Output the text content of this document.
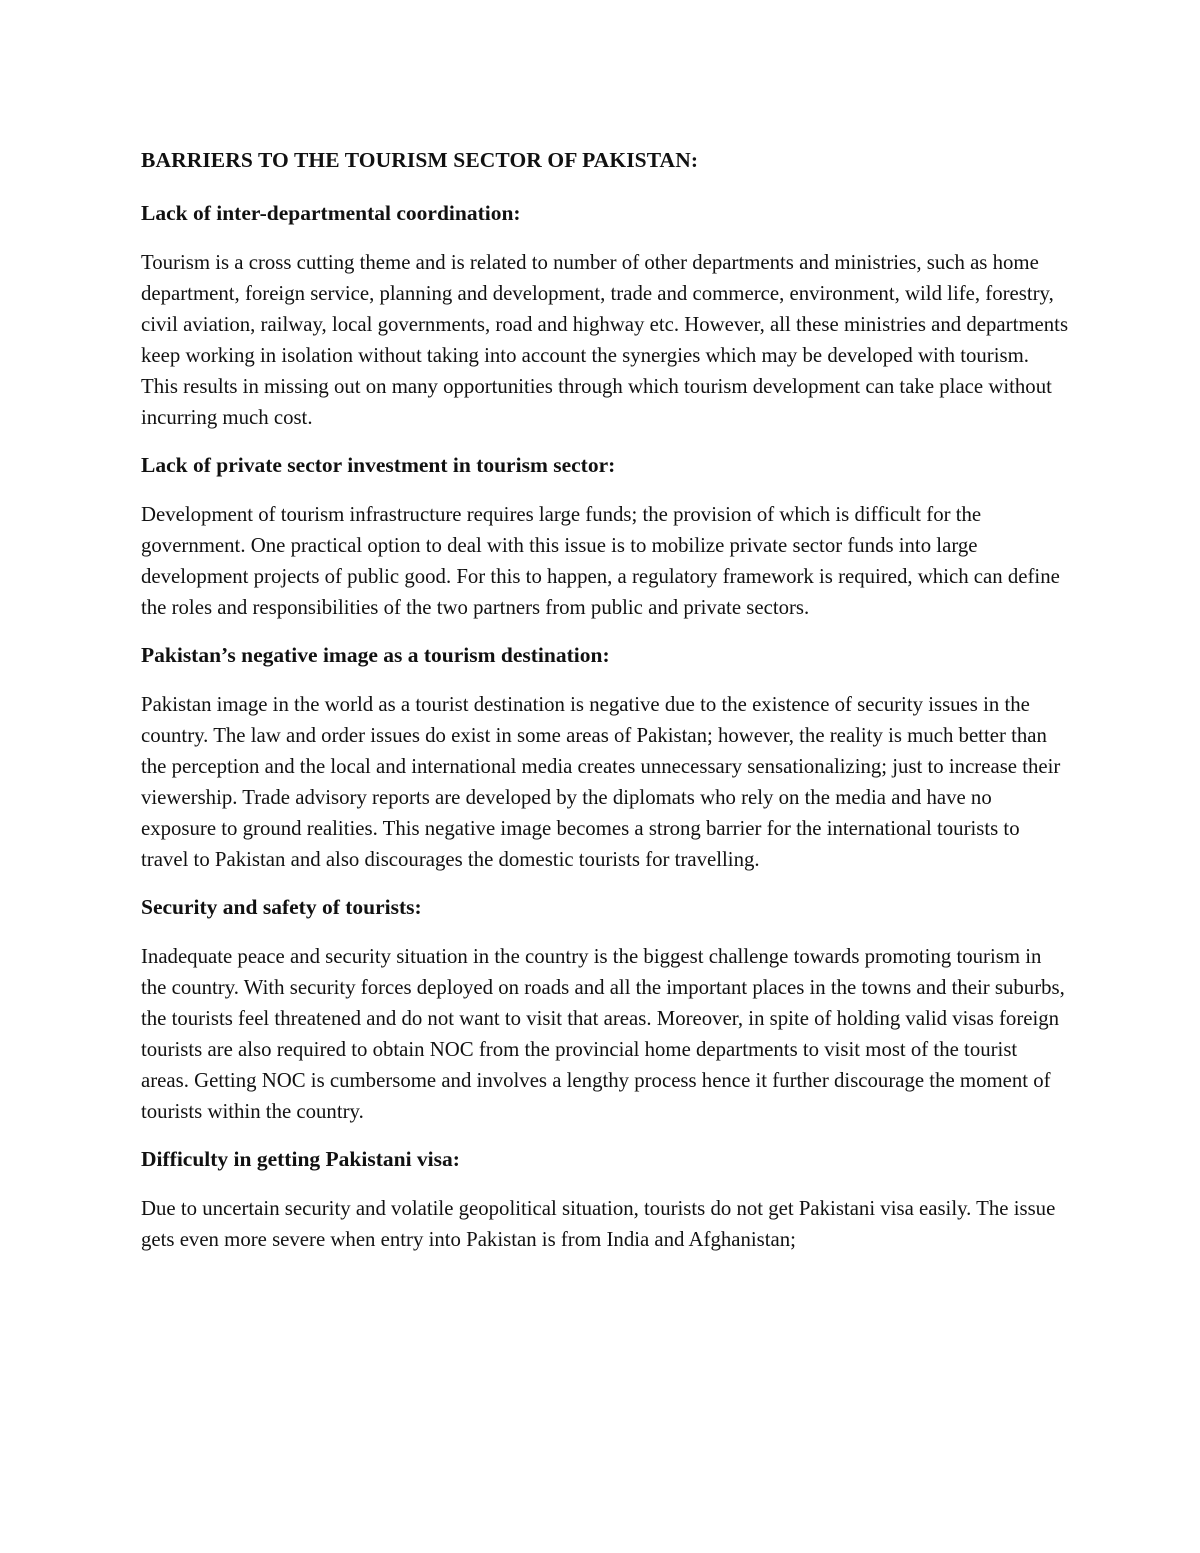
BARRIERS TO THE TOURISM SECTOR OF PAKISTAN:
Lack of inter-departmental coordination:

Tourism is a cross cutting theme and is related to number of other departments and ministries, such as home department, foreign service, planning and development, trade and commerce, environment, wild life, forestry, civil aviation, railway, local governments, road and highway etc. However, all these ministries and departments keep working in isolation without taking into account the synergies which may be developed with tourism. This results in missing out on many opportunities through which tourism development can take place without incurring much cost.

Lack of private sector investment in tourism sector:

Development of tourism infrastructure requires large funds; the provision of which is difficult for the government. One practical option to deal with this issue is to mobilize private sector funds into large development projects of public good. For this to happen, a regulatory framework is required, which can define the roles and responsibilities of the two partners from public and private sectors.

Pakistan’s negative image as a tourism destination:

Pakistan image in the world as a tourist destination is negative due to the existence of security issues in the country. The law and order issues do exist in some areas of Pakistan; however, the reality is much better than the perception and the local and international media creates unnecessary sensationalizing; just to increase their viewership. Trade advisory reports are developed by the diplomats who rely on the media and have no exposure to ground realities. This negative image becomes a strong barrier for the international tourists to travel to Pakistan and also discourages the domestic tourists for travelling.

Security and safety of tourists:

Inadequate peace and security situation in the country is the biggest challenge towards promoting tourism in the country. With security forces deployed on roads and all the important places in the towns and their suburbs, the tourists feel threatened and do not want to visit that areas. Moreover, in spite of holding valid visas foreign tourists are also required to obtain NOC from the provincial home departments to visit most of the tourist areas. Getting NOC is cumbersome and involves a lengthy process hence it further discourage the moment of tourists within the country.

Difficulty in getting Pakistani visa:

Due to uncertain security and volatile geopolitical situation, tourists do not get Pakistani visa easily. The issue gets even more severe when entry into Pakistan is from India and Afghanistan;
